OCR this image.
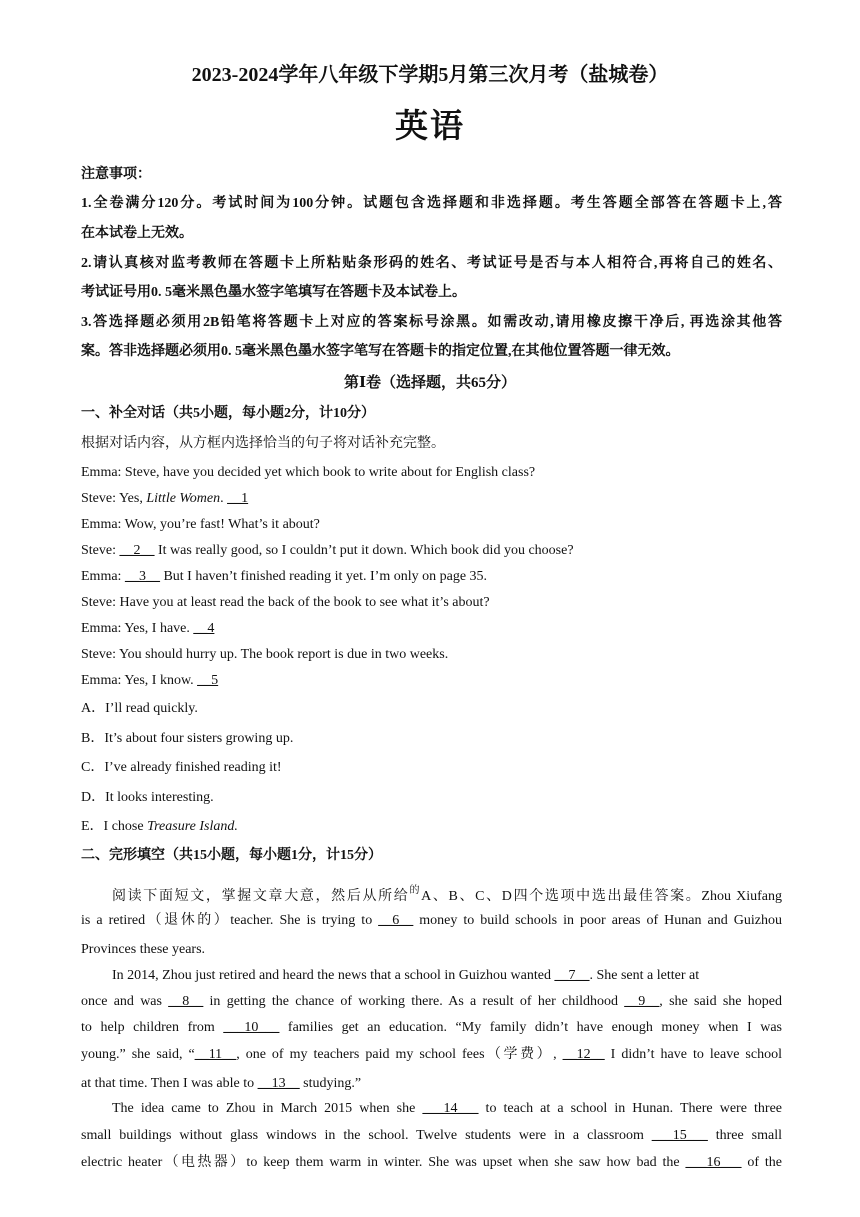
2023-2024学年八年级下学期5月第三次月考（盐城卷）
英语
注意事项：
1.全卷满分120分。考试时间为100分钟。试题包含选择题和非选择题。考生答题全部答在答题卡上,答
在本试卷上无效。
2.请认真核对监考教师在答题卡上所粘贴条形码的姓名、考试证号是否与本人相符合,再将自己的姓名、
考试证号用0. 5毫米黑色墨水签字笔填写在答题卡及本试卷上。
3.答选择题必须用2B铅笔将答题卡上对应的答案标号涂黑。如需改动,请用橡皮擦干净后, 再选涂其他答
案。答非选择题必须用0. 5毫米黑色墨水签字笔写在答题卡的指定位置,在其他位置答题一律无效。
第Ⅰ卷（选择题，共65分）
一、补全对话（共5小题，每小题2分，计10分）
根据对话内容，从方框内选择恰当的句子将对话补充完整。
Emma: Steve, have you decided yet which book to write about for English class?
Steve: Yes, Little Women. __1
Emma: Wow, you’re fast! What’s it about?
Steve: __2__ It was really good, so I couldn’t put it down. Which book did you choose?
Emma: __3__ But I haven’t finished reading it yet. I’m only on page 35.
Steve: Have you at least read the back of the book to see what it’s about?
Emma: Yes, I have. __4
Steve: You should hurry up. The book report is due in two weeks.
Emma: Yes, I know. __5
A．I’ll read quickly.
B．It’s about four sisters growing up.
C．I’ve already finished reading it!
D．It looks interesting.
E．I chose Treasure Island.
二、完形填空（共15小题，每小题1分，计15分）
阅读下面短文，掌握文章大意，然后从所给$^的$A、B、C、D四个选项中选出最佳答案。Zhou Xiufang
is a retired（退休的）teacher. She is trying to __6__ money to build schools in poor areas of Hunan and Guizhou
Provinces these years.
In 2014, Zhou just retired and heard the news that a school in Guizhou wanted __7__. She sent a letter at
once and was __8__ in getting the chance of working there. As a result of her childhood __9__, she said she hoped
to help children from ___10___ families get an education. “My family didn’t have enough money when I was
young.” she said, “__11__, one of my teachers paid my school fees（学费）, __12__ I didn’t have to leave school
at that time. Then I was able to __13__ studying.”
The idea came to Zhou in March 2015 when she ___14___ to teach at a school in Hunan. There were three
small buildings without glass windows in the school. Twelve students were in a classroom ___15___ three small
electric heater（电热器）to keep them warm in winter. She was upset when she saw how bad the ___16___ of the
